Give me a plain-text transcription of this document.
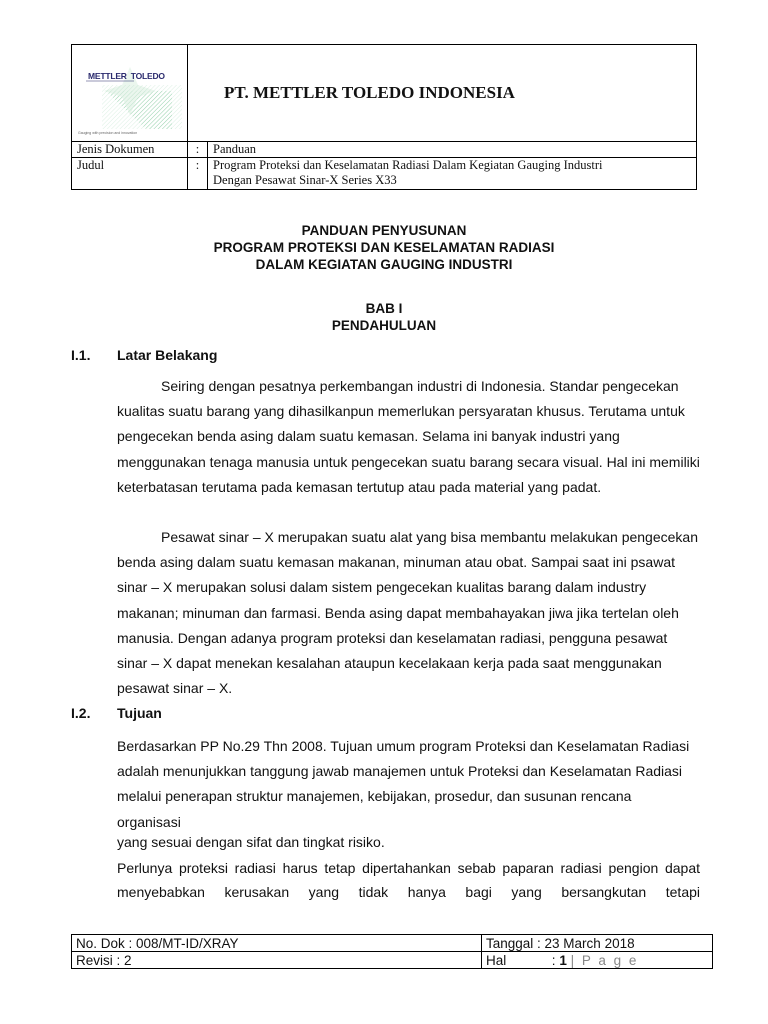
METTLER TOLEDO
Gauging with precision and innovation	PT. METTLER TOLEDO INDONESIA	
Jenis Dokumen	:	Panduan
Judul	:	Program Proteksi dan Keselamatan Radiasi Dalam Kegiatan Gauging Industri
Dengan Pesawat Sinar-X Series X33
PANDUAN PENYUSUNAN
PROGRAM PROTEKSI DAN KESELAMATAN RADIASI
DALAM KEGIATAN GAUGING INDUSTRI
BAB I
PENDAHULUAN
I.1. Latar Belakang

Seiring dengan pesatnya perkembangan industri di Indonesia. Standar pengecekan kualitas suatu barang yang dihasilkanpun memerlukan persyaratan khusus. Terutama untuk pengecekan benda asing dalam suatu kemasan. Selama ini banyak industri yang menggunakan tenaga manusia untuk pengecekan suatu barang secara visual. Hal ini memiliki keterbatasan terutama pada kemasan tertutup atau pada material yang padat.

Pesawat sinar – X merupakan suatu alat yang bisa membantu melakukan pengecekan benda asing dalam suatu kemasan makanan, minuman atau obat. Sampai saat ini psawat sinar – X merupakan solusi dalam sistem pengecekan kualitas barang dalam industry makanan; minuman dan farmasi. Benda asing dapat membahayakan jiwa jika tertelan oleh manusia. Dengan adanya program proteksi dan keselamatan radiasi, pengguna pesawat sinar – X dapat menekan kesalahan ataupun kecelakaan kerja pada saat menggunakan pesawat sinar – X.

I.2. Tujuan

Berdasarkan PP No.29 Thn 2008. Tujuan umum program Proteksi dan Keselamatan Radiasi adalah menunjukkan tanggung jawab manajemen untuk Proteksi dan Keselamatan Radiasi melalui penerapan struktur manajemen, kebijakan, prosedur, dan susunan rencana organisasi

yang sesuai dengan sifat dan tingkat risiko.

Perlunya proteksi radiasi harus tetap dipertahankan sebab paparan radiasi pengion dapat menyebabkan kerusakan yang tidak hanya bagi yang bersangkutan tetapi

No. Dok : 008/MT-ID/XRAY	Tanggal : 23 March 2018
Revisi : 2	Hal : 1 | P a g e
